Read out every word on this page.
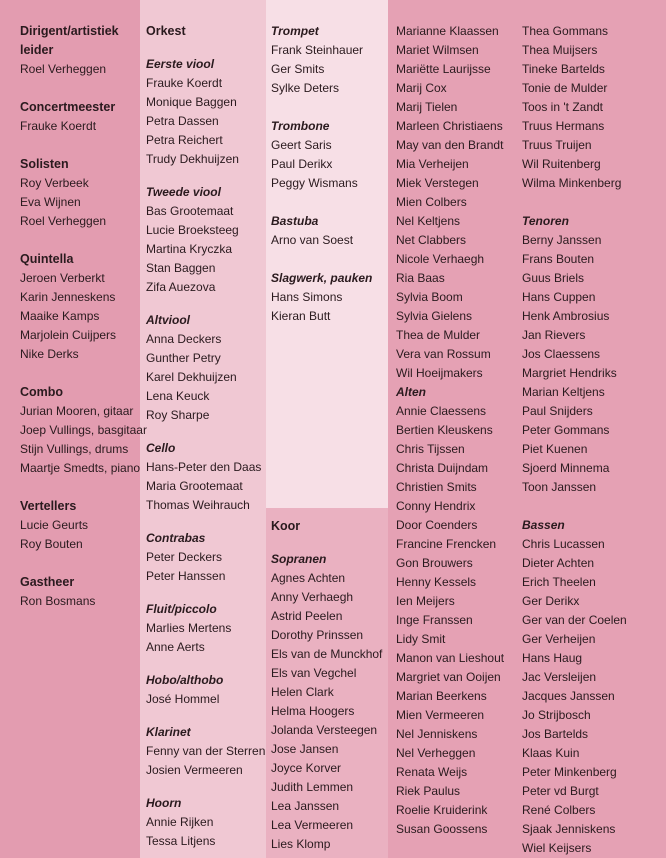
Dirigent/artistiek leider
Roel Verheggen
Concertmeester
Frauke Koerdt
Solisten
Roy Verbeek
Eva Wijnen
Roel Verheggen
Quintella
Jeroen Verberkt
Karin Jenneskens
Maaike Kamps
Marjolein Cuijpers
Nike Derks
Combo
Jurian Mooren, gitaar
Joep Vullings, basgitaar
Stijn Vullings, drums
Maartje Smedts, piano
Vertellers
Lucie Geurts
Roy Bouten
Gastheer
Ron Bosmans
Orkest
Eerste viool
Frauke Koerdt
Monique Baggen
Petra Dassen
Petra Reichert
Trudy Dekhuijzen
Tweede viool
Bas Grootemaat
Lucie Broeksteeg
Martina Kryczka
Stan Baggen
Zifa Auezova
Altviool
Anna Deckers
Gunther Petry
Karel Dekhuijzen
Lena Keuck
Roy Sharpe
Cello
Hans-Peter den Daas
Maria Grootemaat
Thomas Weihrauch
Contrabas
Peter Deckers
Peter Hanssen
Fluit/piccolo
Marlies Mertens
Anne Aerts
Hobo/althobo
José Hommel
Klarinet
Fenny van der Sterren
Josien Vermeeren
Hoorn
Annie Rijken
Tessa Litjens
Trompet
Frank Steinhauer
Ger Smits
Sylke Deters
Trombone
Geert Saris
Paul Derikx
Peggy Wismans
Bastuba
Arno van Soest
Slagwerk, pauken
Hans Simons
Kieran Butt
Koor
Sopranen
Agnes Achten
Anny Verhaegh
Astrid Peelen
Dorothy Prinssen
Els van de Munckhof
Els van Vegchel
Helen Clark
Helma Hoogers
Jolanda Versteegen
Jose Jansen
Joyce Korver
Judith Lemmen
Lea Janssen
Lea Vermeeren
Lies Klomp
Marianne Klaassen
Mariet Wilmsen
Mariëtte Laurijsse
Marij Cox
Marij Tielen
Marleen Christiaens
May van den Brandt
Mia Verheijen
Miek Verstegen
Mien Colbers
Nel Keltjens
Net Clabbers
Nicole Verhaegh
Ria Baas
Sylvia Boom
Sylvia Gielens
Thea de Mulder
Vera van Rossum
Wil Hoeijmakers
Alten
Annie Claessens
Bertien Kleuskens
Chris Tijssen
Christa Duijndam
Christien Smits
Conny Hendrix
Door Coenders
Francine Frencken
Gon Brouwers
Henny Kessels
Ien Meijers
Inge Franssen
Lidy Smit
Manon van Lieshout
Margriet van Ooijen
Marian Beerkens
Mien Vermeeren
Nel Jenniskens
Nel Verheggen
Renata Weijs
Riek Paulus
Roelie Kruiderink
Susan Goossens
Thea Gommans
Thea Muijsers
Tineke Bartelds
Tonie de Mulder
Toos in 't Zandt
Truus Hermans
Truus Truijen
Wil Ruitenberg
Wilma Minkenberg
Tenoren
Berny Janssen
Frans Bouten
Guus Briels
Hans Cuppen
Henk Ambrosius
Jan Rievers
Jos Claessens
Margriet Hendriks
Marian Keltjens
Paul Snijders
Peter Gommans
Piet Kuenen
Sjoerd Minnema
Toon Janssen
Bassen
Chris Lucassen
Dieter Achten
Erich Theelen
Ger Derikx
Ger van der Coelen
Ger Verheijen
Hans Haug
Jac Versleijen
Jacques Janssen
Jo Strijbosch
Jos Bartelds
Klaas Kuin
Peter Minkenberg
Peter vd Burgt
René Colbers
Sjaak Jenniskens
Wiel Keijsers
